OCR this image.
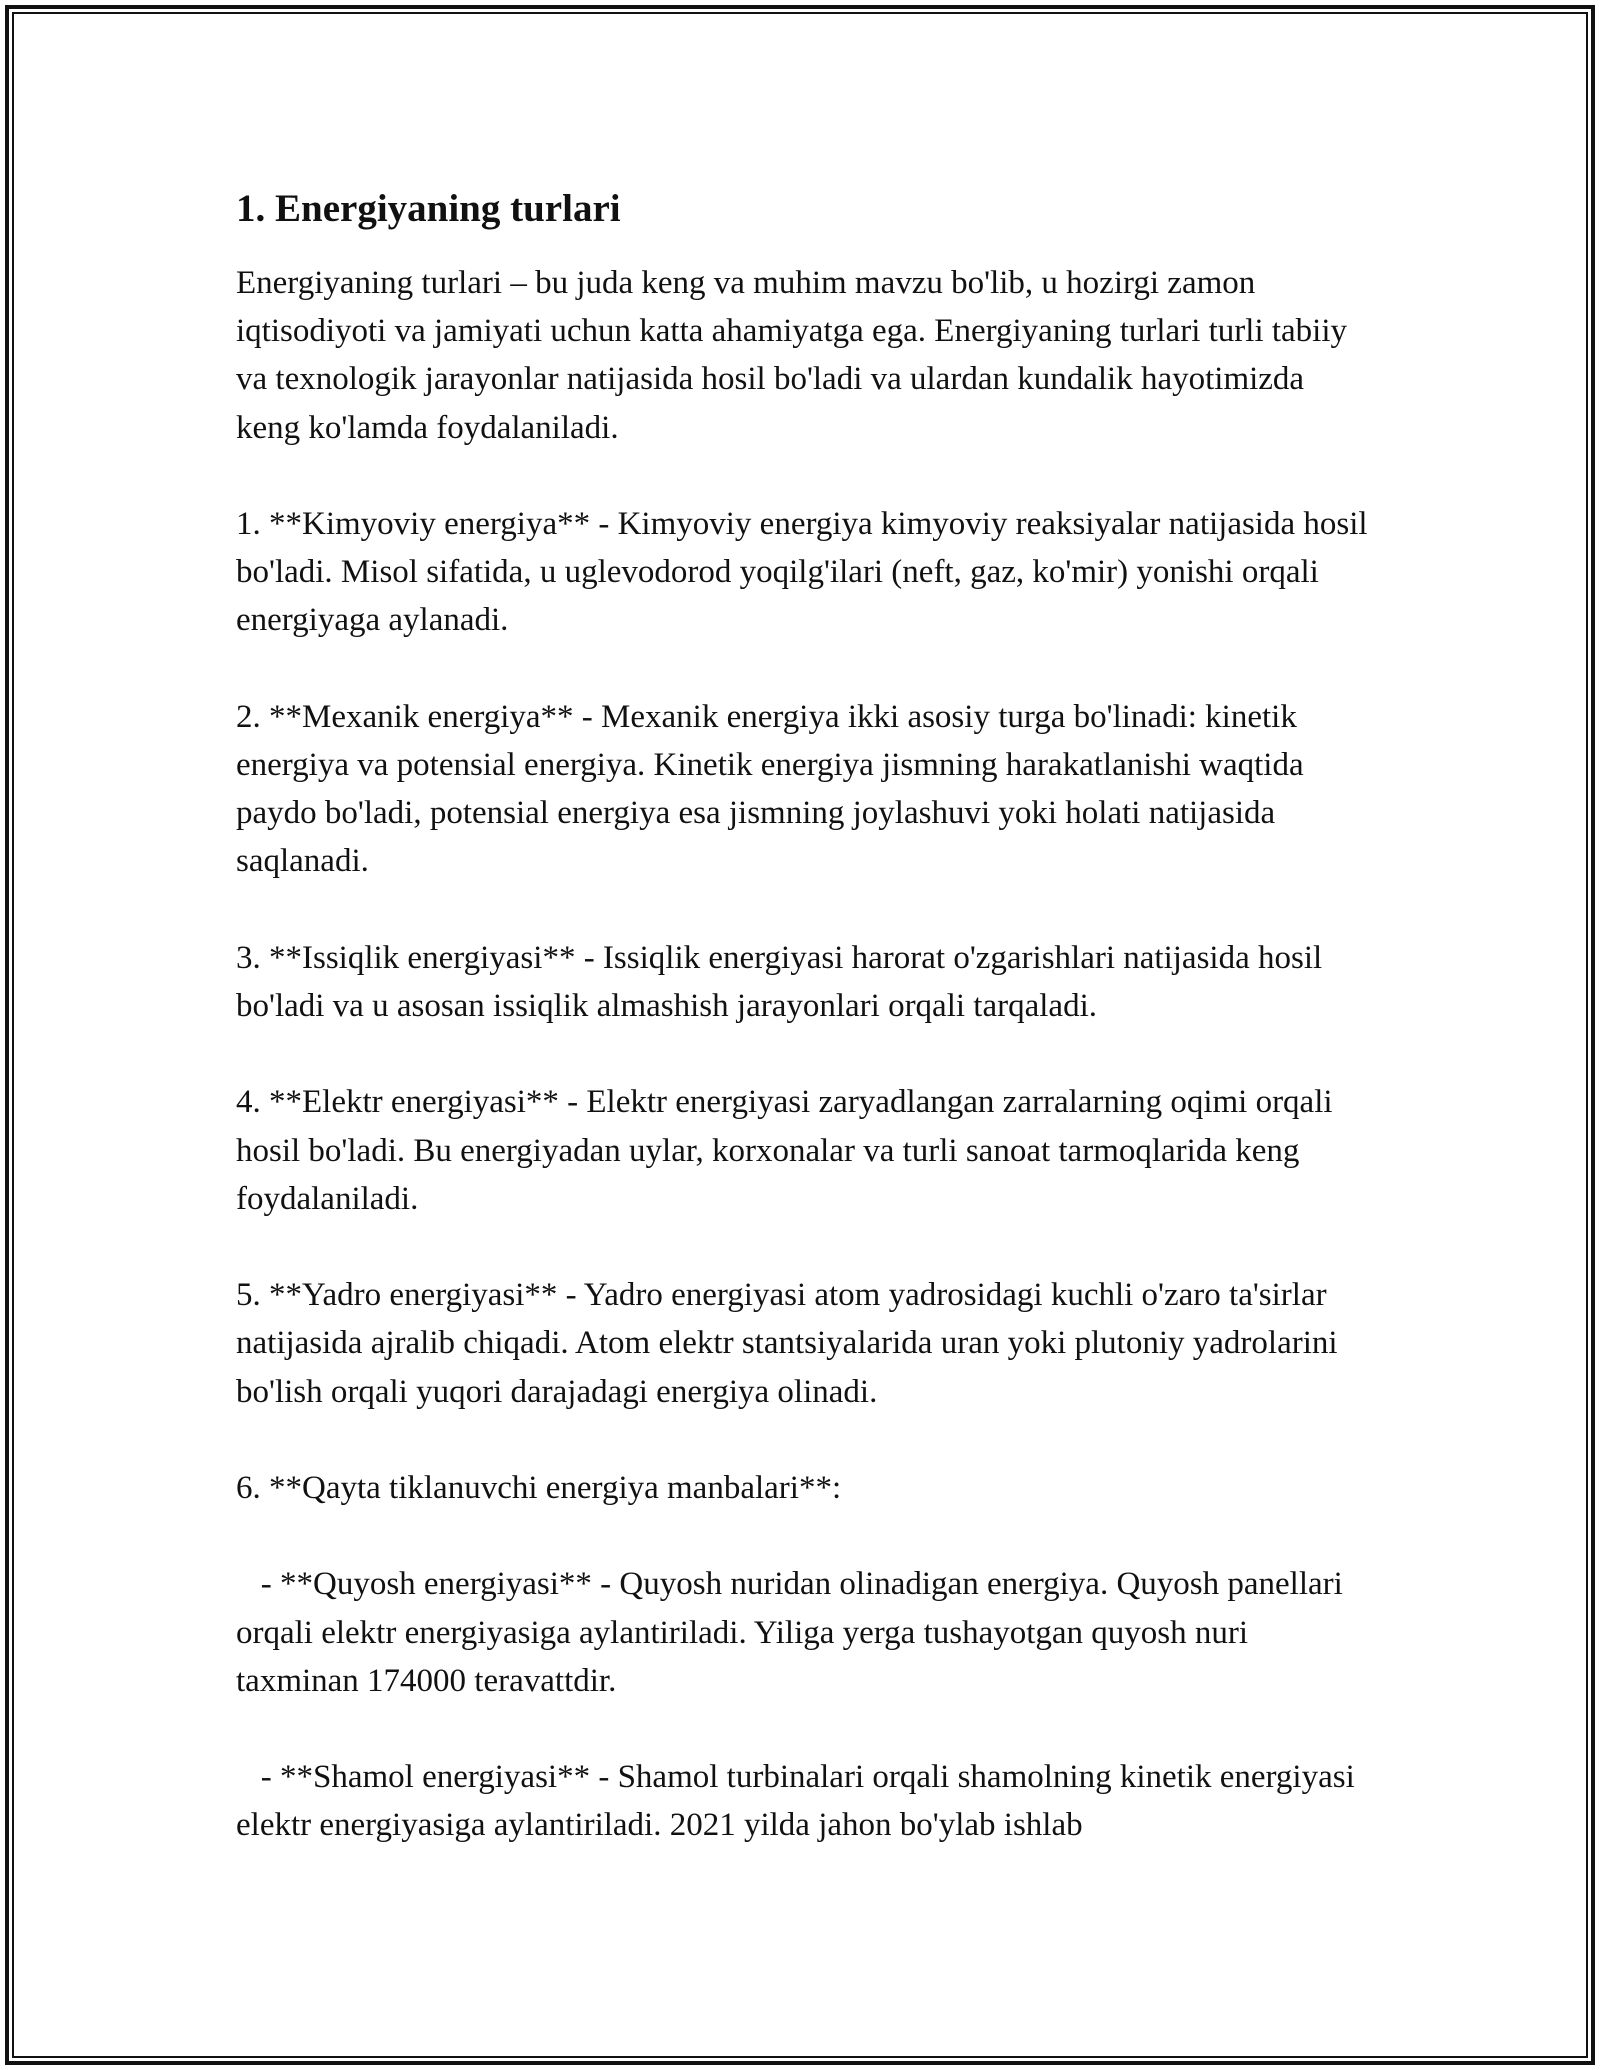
1. Energiyaning turlari

Energiyaning turlari – bu juda keng va muhim mavzu bo'lib, u hozirgi zamon iqtisodiyoti va jamiyati uchun katta ahamiyatga ega. Energiyaning turlari turli tabiiy va texnologik jarayonlar natijasida hosil bo'ladi va ulardan kundalik hayotimizda keng ko'lamda foydalaniladi.

1. **Kimyoviy energiya** - Kimyoviy energiya kimyoviy reaksiyalar natijasida hosil bo'ladi. Misol sifatida, u uglevodorod yoqilg'ilari (neft, gaz, ko'mir) yonishi orqali energiyaga aylanadi.

2. **Mexanik energiya** - Mexanik energiya ikki asosiy turga bo'linadi: kinetik energiya va potensial energiya. Kinetik energiya jismning harakatlanishi waqtida paydo bo'ladi, potensial energiya esa jismning joylashuvi yoki holati natijasida saqlanadi.

3. **Issiqlik energiyasi** - Issiqlik energiyasi harorat o'zgarishlari natijasida hosil bo'ladi va u asosan issiqlik almashish jarayonlari orqali tarqaladi.

4. **Elektr energiyasi** - Elektr energiyasi zaryadlangan zarralarning oqimi orqali hosil bo'ladi. Bu energiyadan uylar, korxonalar va turli sanoat tarmoqlarida keng foydalaniladi.

5. **Yadro energiyasi** - Yadro energiyasi atom yadrosidagi kuchli o'zaro ta'sirlar natijasida ajralib chiqadi. Atom elektr stantsiyalarida uran yoki plutoniy yadrolarini bo'lish orqali yuqori darajadagi energiya olinadi.

6. **Qayta tiklanuvchi energiya manbalari**:

- **Quyosh energiyasi** - Quyosh nuridan olinadigan energiya. Quyosh panellari orqali elektr energiyasiga aylantiriladi. Yiliga yerga tushayotgan quyosh nuri taxminan 174000 teravattdir.

- **Shamol energiyasi** - Shamol turbinalari orqali shamolning kinetik energiyasi elektr energiyasiga aylantiriladi. 2021 yilda jahon bo'ylab ishlab
